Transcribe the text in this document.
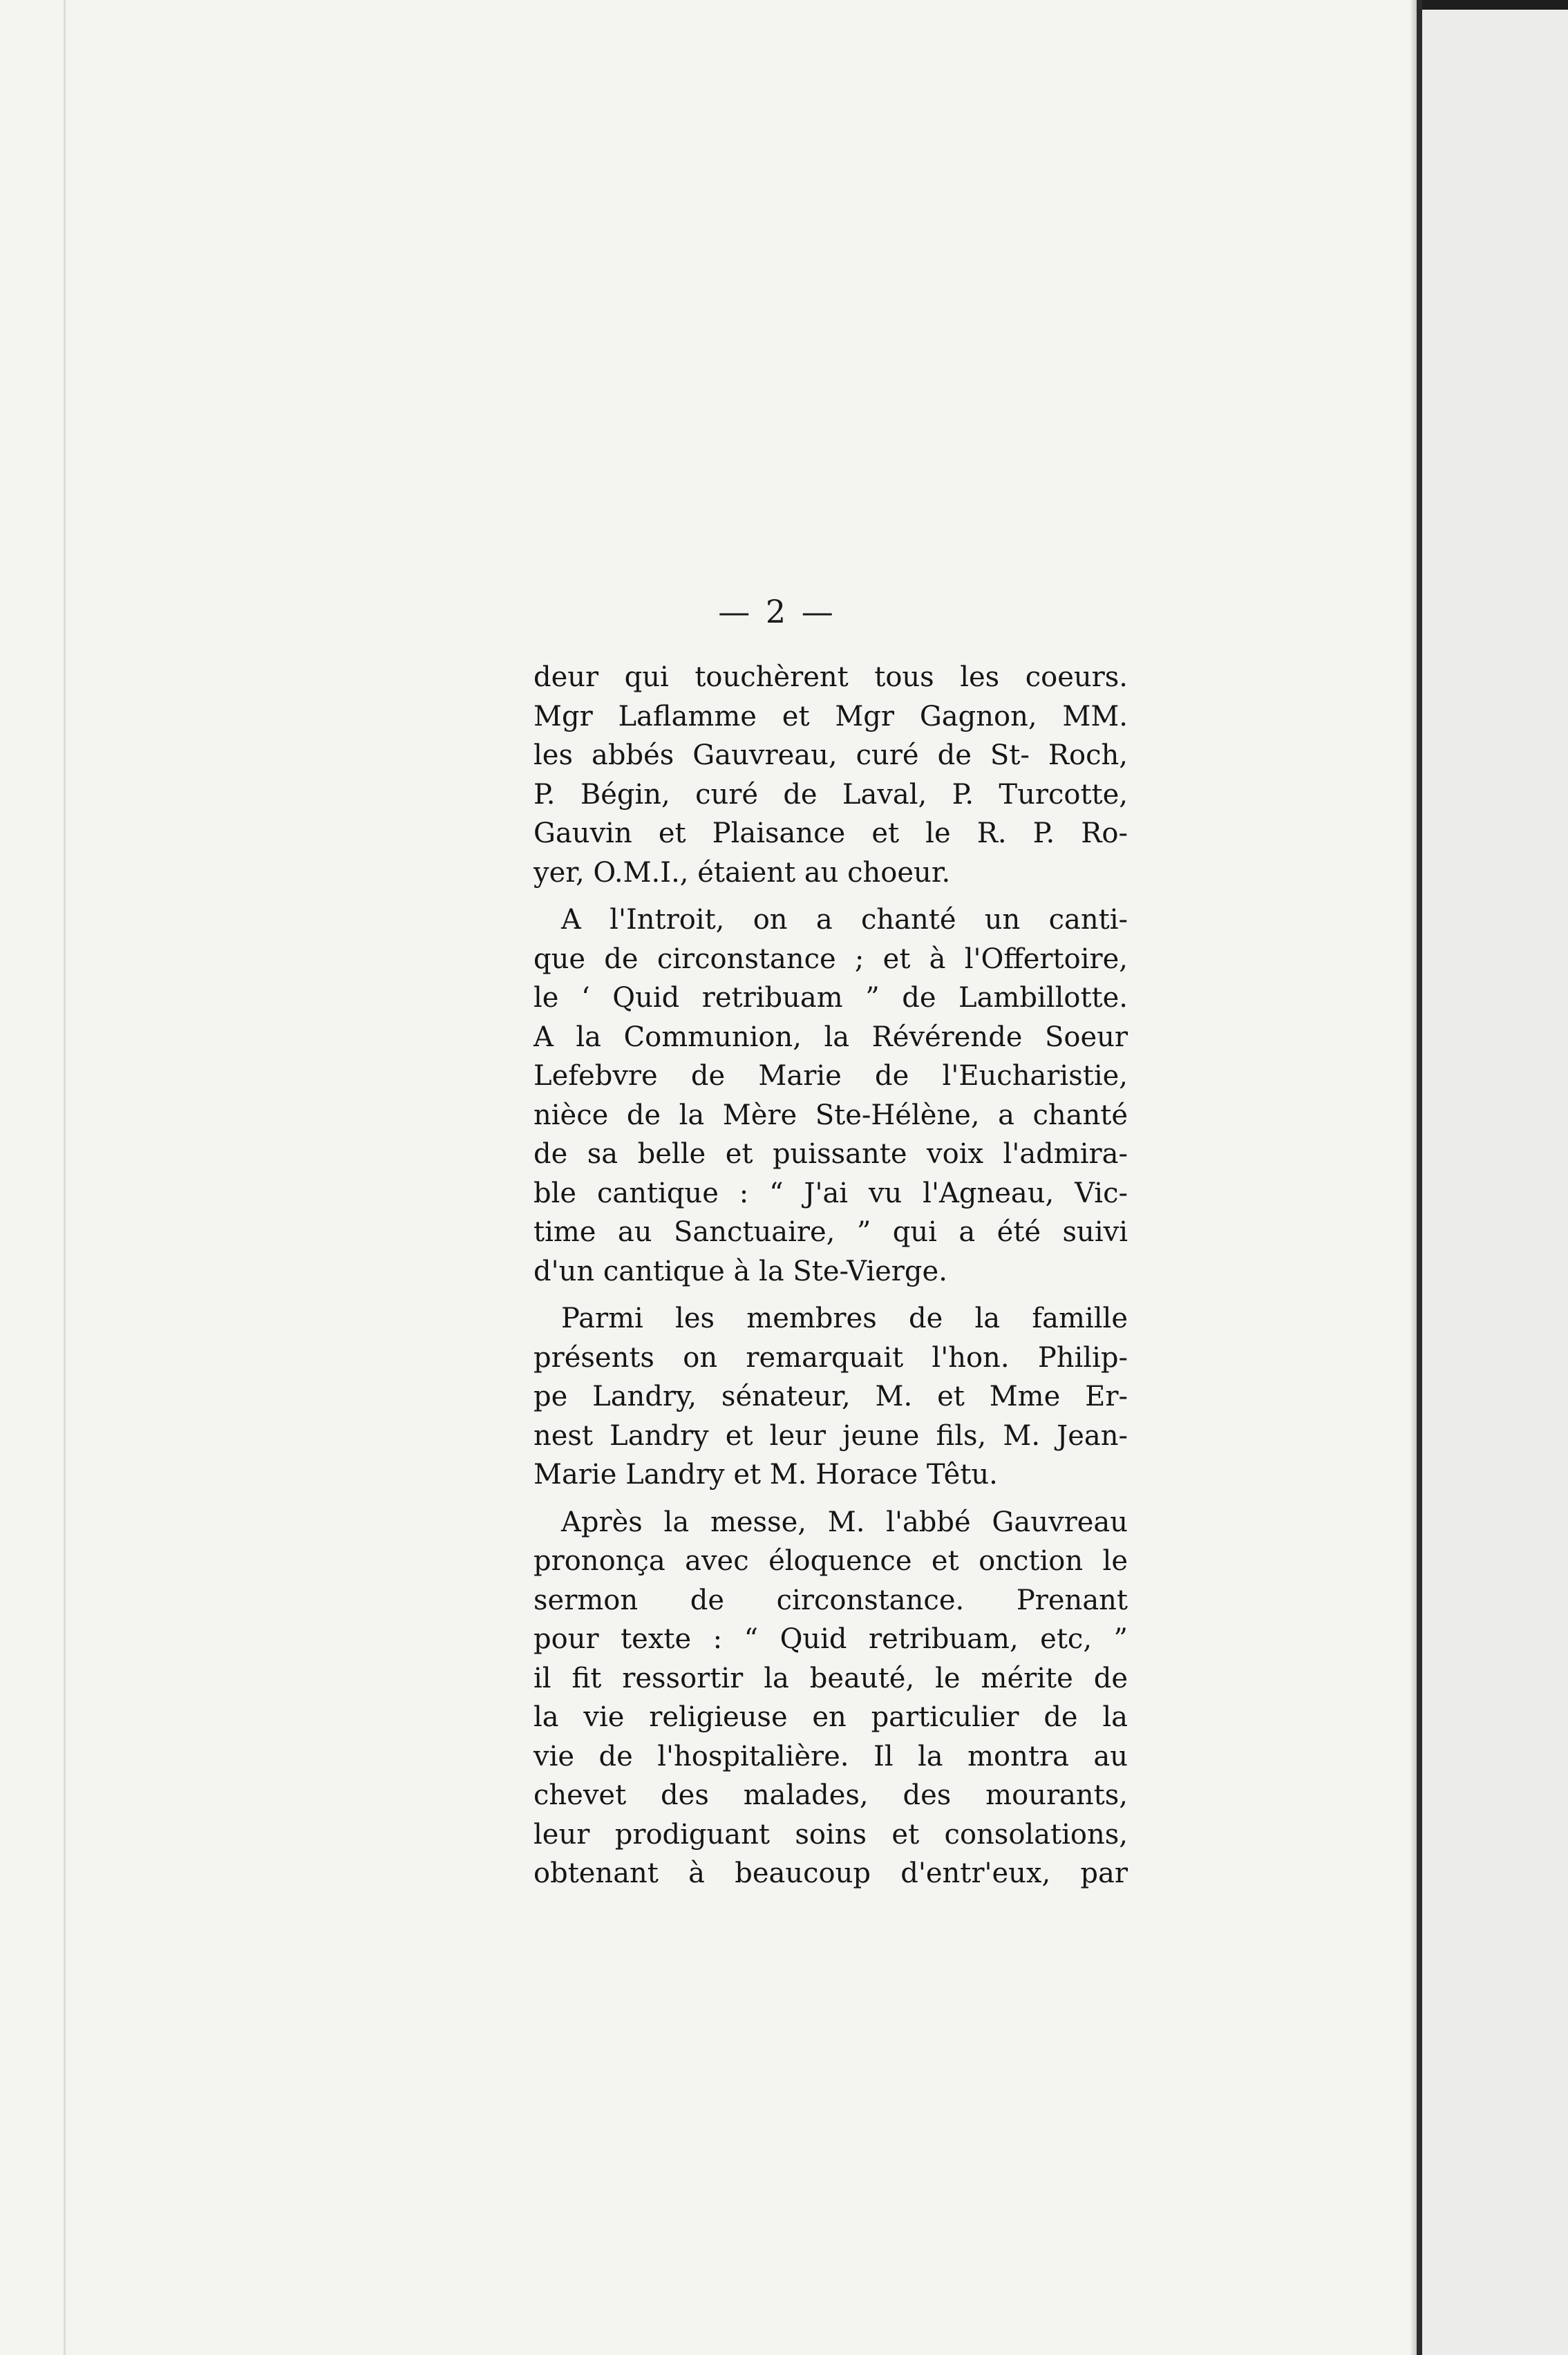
— 2 —
deur qui touchèrent tous les coeurs.
Mgr Laflamme et Mgr Gagnon, MM.
les abbés Gauvreau, curé de St- Roch,
P. Bégin, curé de Laval, P. Turcotte,
Gauvin et Plaisance et le R. P. Ro-
yer, O.M.I., étaient au choeur.
A l'Introit, on a chanté un canti-
que de circonstance ; et à l'Offertoire,
le ‘ Quid retribuam ” de Lambillotte.
A la Communion, la Révérende Soeur
Lefebvre de Marie de l'Eucharistie,
nièce de la Mère Ste-Hélène, a chanté
de sa belle et puissante voix l'admira-
ble cantique : “ J'ai vu l'Agneau, Vic-
time au Sanctuaire, ” qui a été suivi
d'un cantique à la Ste-Vierge.
Parmi les membres de la famille
présents on remarquait l'hon. Philip-
pe Landry, sénateur, M. et Mme Er-
nest Landry et leur jeune fils, M. Jean-
Marie Landry et M. Horace Têtu.
Après la messe, M. l'abbé Gauvreau
prononça avec éloquence et onction le
sermon de circonstance. Prenant
pour texte : “ Quid retribuam, etc, ”
il fit ressortir la beauté, le mérite de
la vie religieuse en particulier de la
vie de l'hospitalière. Il la montra au
chevet des malades, des mourants,
leur prodiguant soins et consolations,
obtenant à beaucoup d'entr'eux, par
